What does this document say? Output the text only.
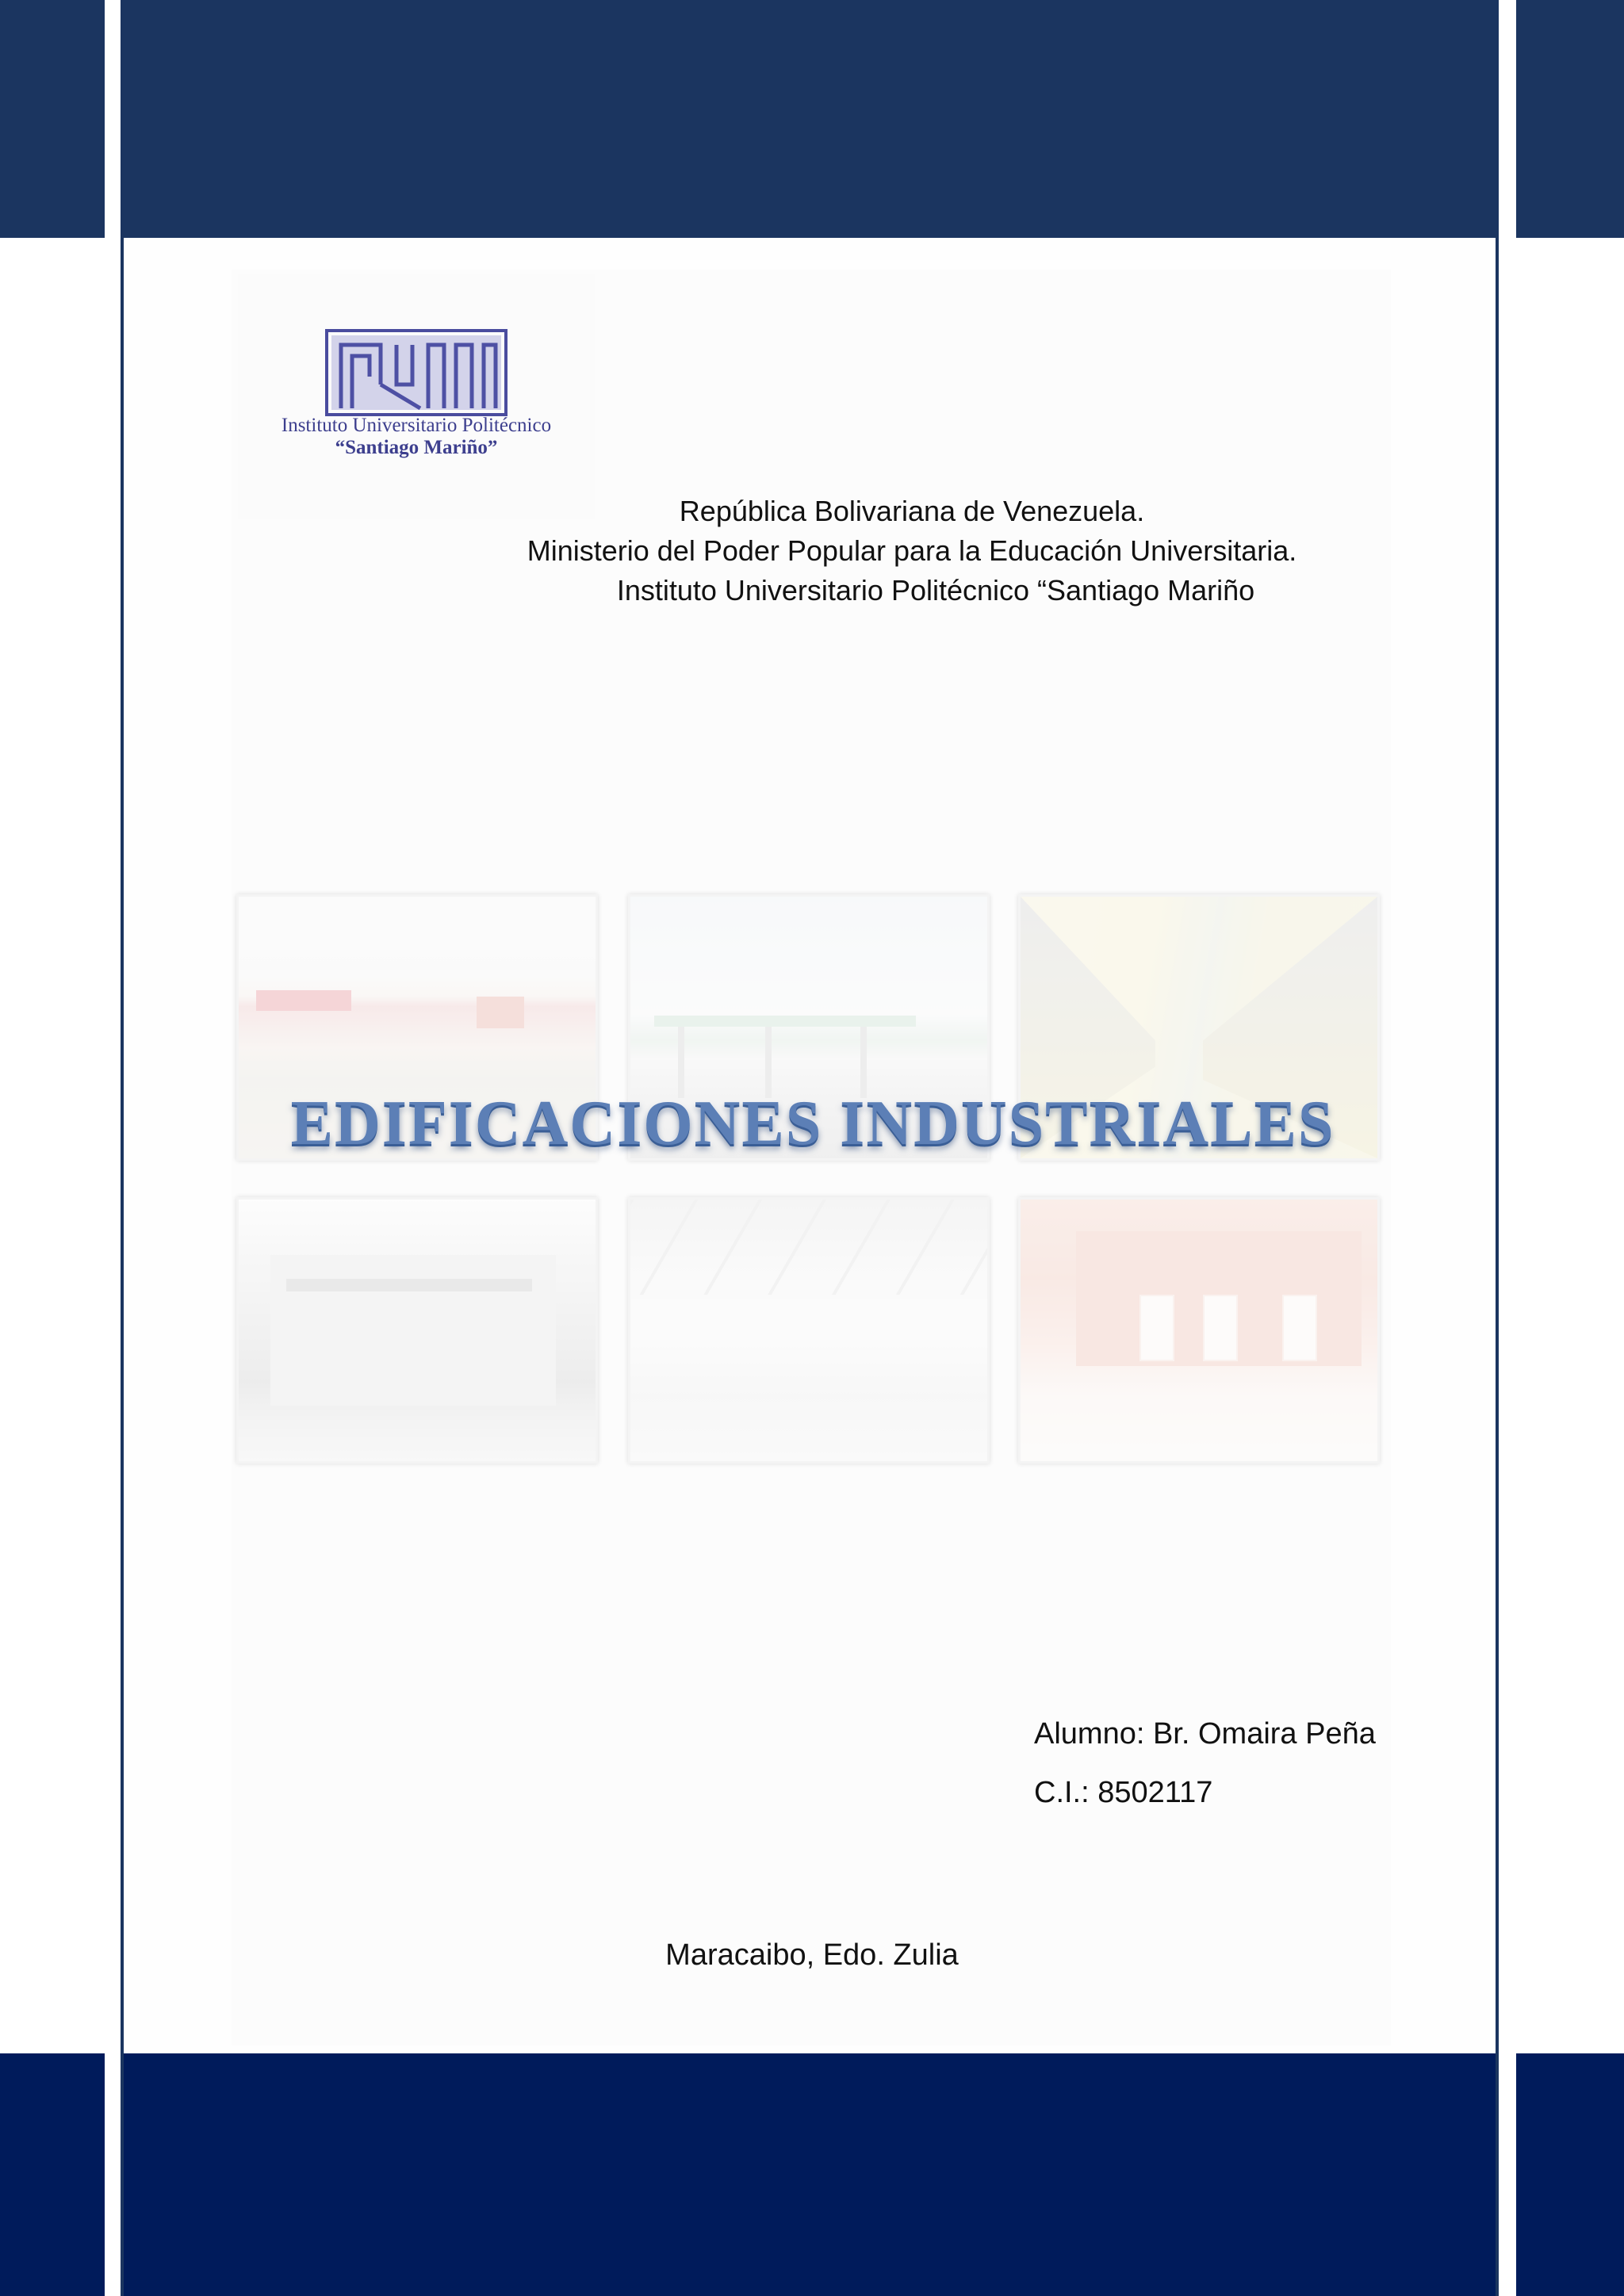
Instituto Universitario Politécnico
“Santiago Mariño”
República Bolivariana de Venezuela.
Ministerio del Poder Popular para la Educación Universitaria.
Instituto Universitario Politécnico “Santiago Mariño
EDIFICACIONES INDUSTRIALES
Alumno: Br. Omaira Peña
C.I.: 8502117
Maracaibo, Edo. Zulia
